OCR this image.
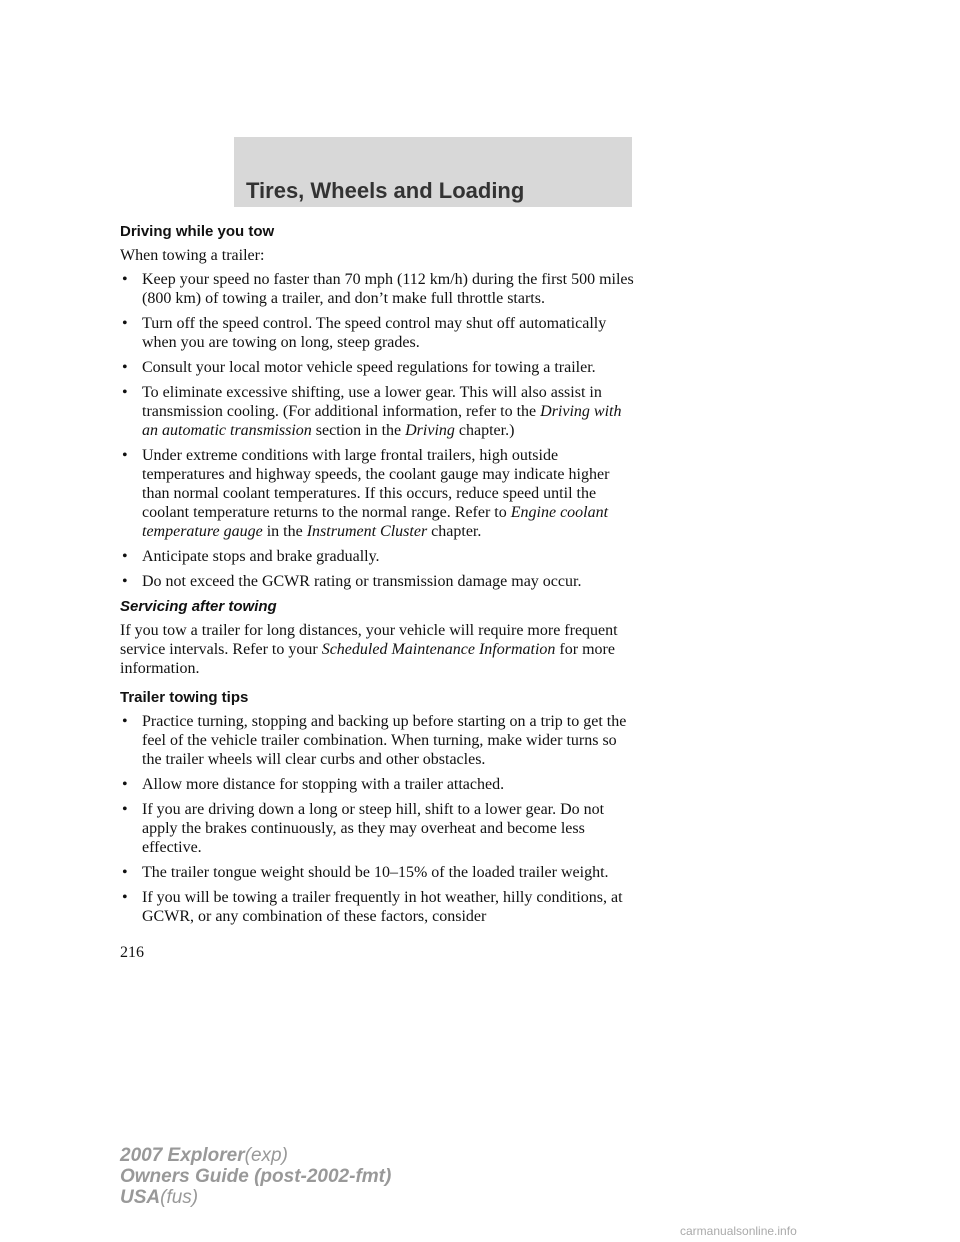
Tires, Wheels and Loading
Driving while you tow
When towing a trailer:
• Keep your speed no faster than 70 mph (112 km/h) during the first 500 miles (800 km) of towing a trailer, and don’t make full throttle starts.
• Turn off the speed control. The speed control may shut off automatically when you are towing on long, steep grades.
• Consult your local motor vehicle speed regulations for towing a trailer.
• To eliminate excessive shifting, use a lower gear. This will also assist in transmission cooling. (For additional information, refer to the Driving with an automatic transmission section in the Driving chapter.)
• Under extreme conditions with large frontal trailers, high outside temperatures and highway speeds, the coolant gauge may indicate higher than normal coolant temperatures. If this occurs, reduce speed until the coolant temperature returns to the normal range. Refer to Engine coolant temperature gauge in the Instrument Cluster chapter.
• Anticipate stops and brake gradually.
• Do not exceed the GCWR rating or transmission damage may occur.
Servicing after towing
If you tow a trailer for long distances, your vehicle will require more frequent service intervals. Refer to your Scheduled Maintenance Information for more information.
Trailer towing tips
• Practice turning, stopping and backing up before starting on a trip to get the feel of the vehicle trailer combination. When turning, make wider turns so the trailer wheels will clear curbs and other obstacles.
• Allow more distance for stopping with a trailer attached.
• If you are driving down a long or steep hill, shift to a lower gear. Do not apply the brakes continuously, as they may overheat and become less effective.
• The trailer tongue weight should be 10–15% of the loaded trailer weight.
• If you will be towing a trailer frequently in hot weather, hilly conditions, at GCWR, or any combination of these factors, consider
216
2007 Explorer(exp)
Owners Guide (post-2002-fmt)
USA(fus)
carmanualsonline.info
